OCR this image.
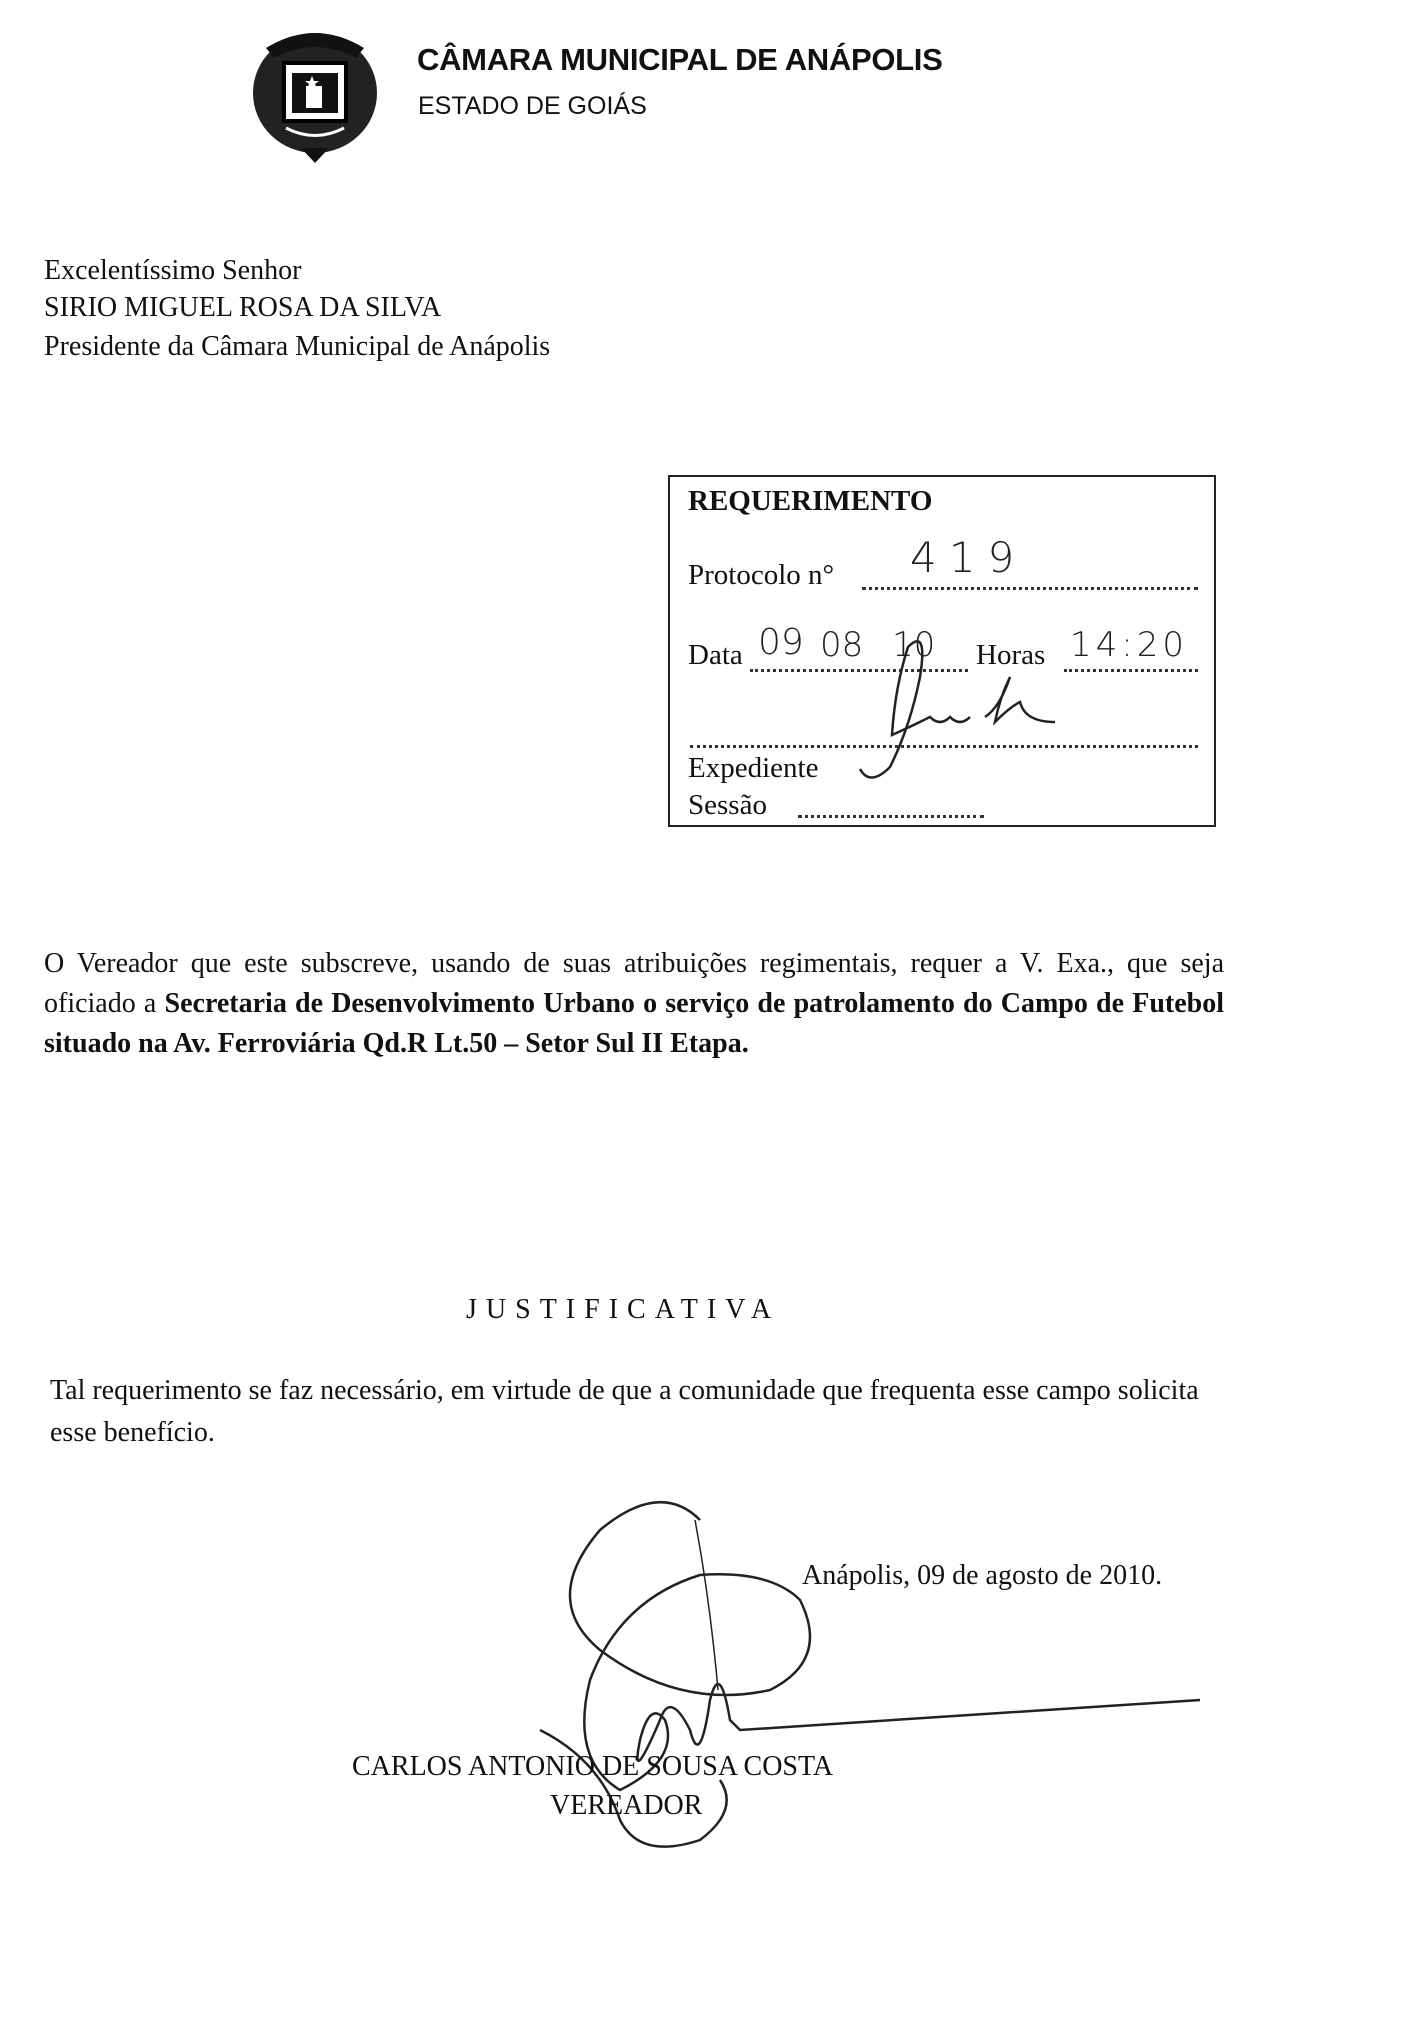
CÂMARA MUNICIPAL DE ANÁPOLIS
ESTADO DE GOIÁS
Excelentíssimo Senhor
SIRIO MIGUEL ROSA DA SILVA
Presidente da Câmara Municipal de Anápolis
REQUERIMENTO
Protocolo n° 419
Data 09 08 10 Horas 14:20
Expediente
Sessão
O Vereador que este subscreve, usando de suas atribuições regimentais, requer a V. Exa., que seja oficiado a Secretaria de Desenvolvimento Urbano o serviço de patrolamento do Campo de Futebol situado na Av. Ferroviária Qd.R Lt.50 – Setor Sul II Etapa.
JUSTIFICATIVA
Tal requerimento se faz necessário, em virtude de que a comunidade que frequenta esse campo solicita esse benefício.
Anápolis, 09 de agosto de 2010.
CARLOS ANTONIO DE SOUSA COSTA
VEREADOR
